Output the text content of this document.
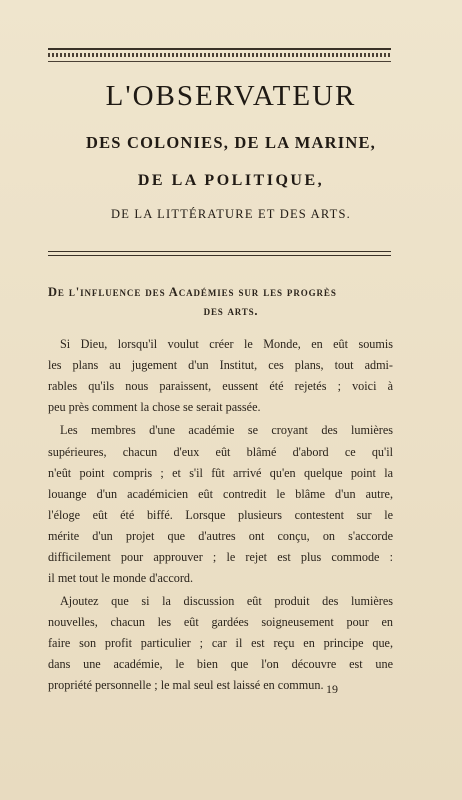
L'OBSERVATEUR
DES COLONIES, DE LA MARINE,
DE LA POLITIQUE,
DE LA LITTÉRATURE ET DES ARTS.
De l'influence des Académies sur les progrès
des arts.
Si Dieu, lorsqu'il voulut créer le Monde, en eût soumis
les plans au jugement d'un Institut, ces plans, tout admi-
rables qu'ils nous paraissent, eussent été rejetés ; voici à
peu près comment la chose se serait passée.
Les membres d'une académie se croyant des lumières
supérieures, chacun d'eux eût blâmé d'abord ce qu'il
n'eût point compris ; et s'il fût arrivé qu'en quelque point la
louange d'un académicien eût contredit le blâme d'un autre,
l'éloge eût été biffé. Lorsque plusieurs contestent sur le
mérite d'un projet que d'autres ont conçu, on s'accorde
difficilement pour approuver ; le rejet est plus commode :
il met tout le monde d'accord.
Ajoutez que si la discussion eût produit des lumières
nouvelles, chacun les eût gardées soigneusement pour en
faire son profit particulier ; car il est reçu en principe que,
dans une académie, le bien que l'on découvre est une
propriété personnelle ; le mal seul est laissé en commun. 19
